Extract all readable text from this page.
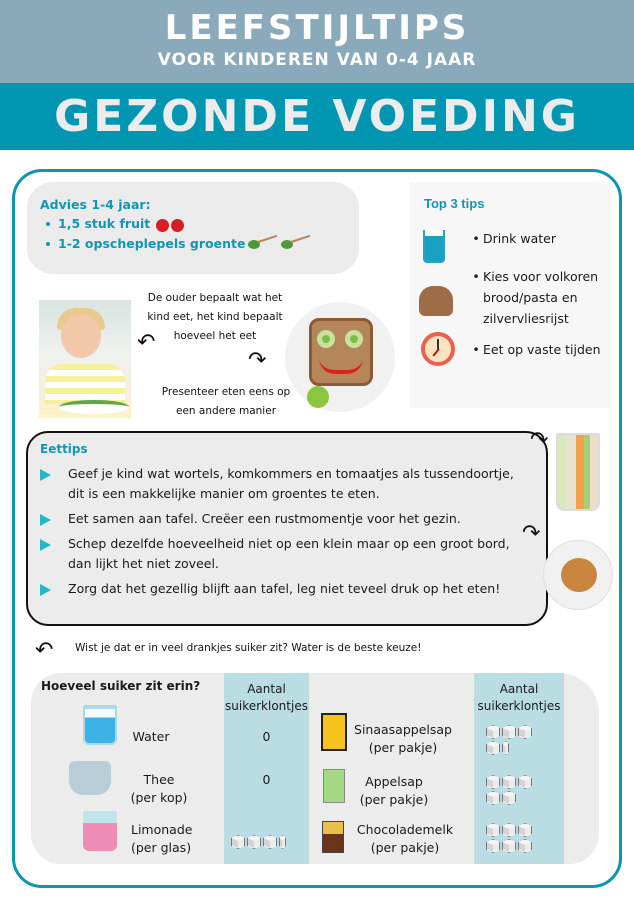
LEEFSTIJLTIPS
VOOR KINDEREN VAN 0-4 JAAR
GEZONDE VOEDING
Advies 1-4 jaar:
1,5 stuk fruit
1-2 opscheplepels groente
Top 3 tips
• Drink water
• Kies voor volkoren brood/pasta en zilvervliesrijst
• Eet op vaste tijden
De ouder bepaalt wat het kind eet, het kind bepaalt hoeveel het eet
↶
↷
Presenteer eten eens op een andere manier
Eettips
Geef je kind wat wortels, komkommers en tomaatjes als tussendoortje, dit is een makkelijke manier om groentes te eten.
Eet samen aan tafel. Creëer een rustmomentje voor het gezin.
Schep dezelfde hoeveelheid niet op een klein maar op een groot bord, dan lijkt het niet zoveel.
Zorg dat het gezellig blijft aan tafel, leg niet teveel druk op het eten!
↷
↷
↶ Wist je dat er in veel drankjes suiker zit? Water is de beste keuze!
Aantal suikerklontjes
Aantal suikerklontjes
Hoeveel suiker zit erin?
Water	0
Thee
(per kop)
0
Limonade
(per glas)
Sinaasappelsap
(per pakje)
Appelsap
(per pakje)
Chocolademelk
(per pakje)
